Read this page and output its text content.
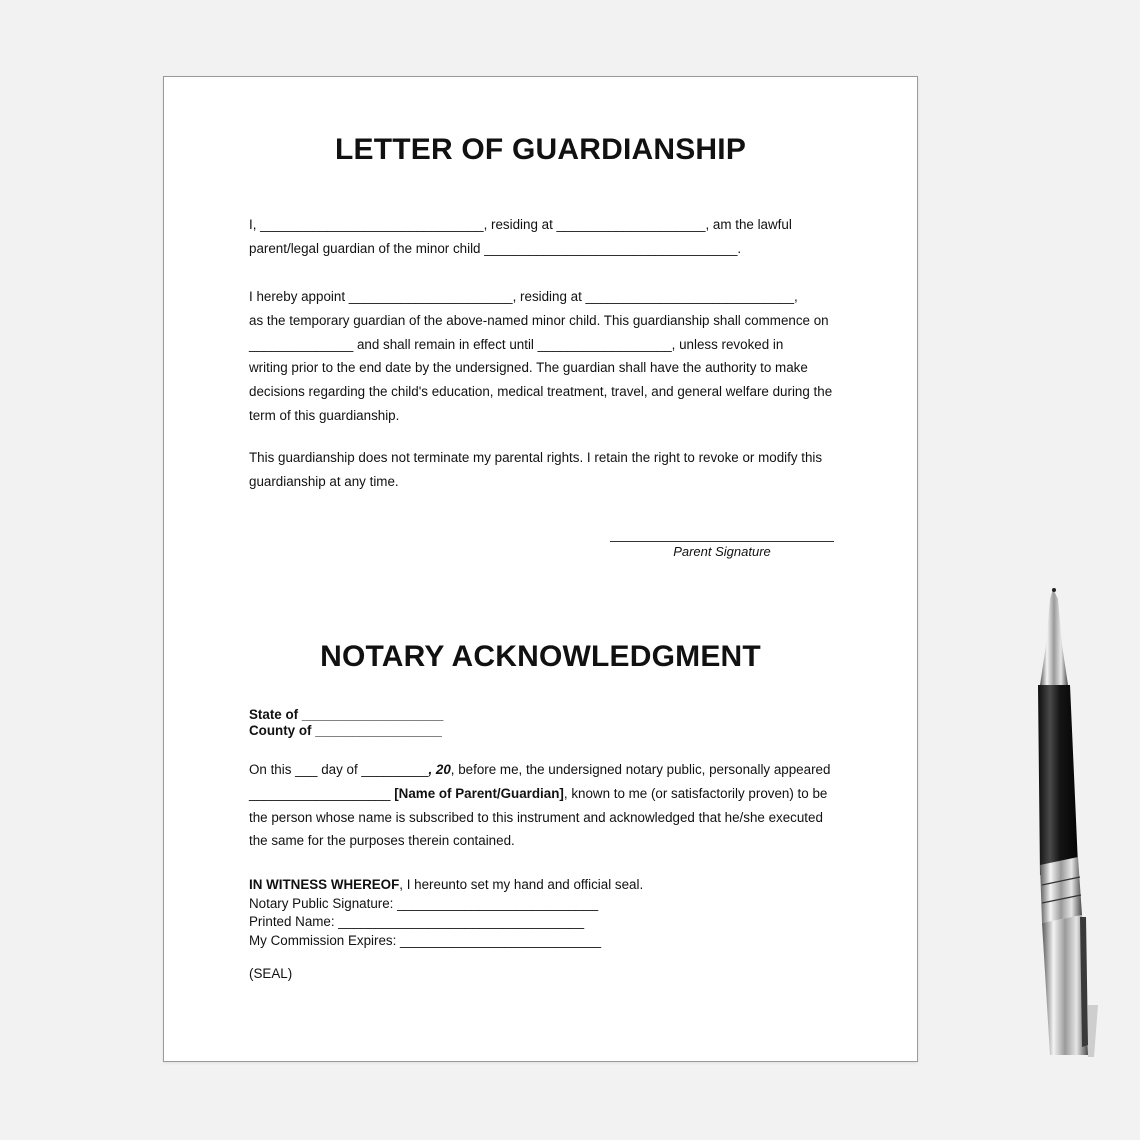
LETTER OF GUARDIANSHIP

I, ______________________________, residing at ____________________, am the lawful
parent/legal guardian of the minor child __________________________________.

I hereby appoint ______________________, residing at ____________________________,
as the temporary guardian of the above-named minor child. This guardianship shall commence on
______________ and shall remain in effect until __________________, unless revoked in
writing prior to the end date by the undersigned. The guardian shall have the authority to make
decisions regarding the child's education, medical treatment, travel, and general welfare during the
term of this guardianship.

This guardianship does not terminate my parental rights. I retain the right to revoke or modify this
guardianship at any time.

Parent Signature
NOTARY ACKNOWLEDGMENT
State of ___________________
County of _________________

On this ___ day of _________, 20, before me, the undersigned notary public, personally appeared
___________________ [Name of Parent/Guardian], known to me (or satisfactorily proven) to be
the person whose name is subscribed to this instrument and acknowledged that he/she executed
the same for the purposes therein contained.

IN WITNESS WHEREOF, I hereunto set my hand and official seal.
Notary Public Signature: ___________________________
Printed Name: _________________________________
My Commission Expires: ___________________________
(SEAL)
